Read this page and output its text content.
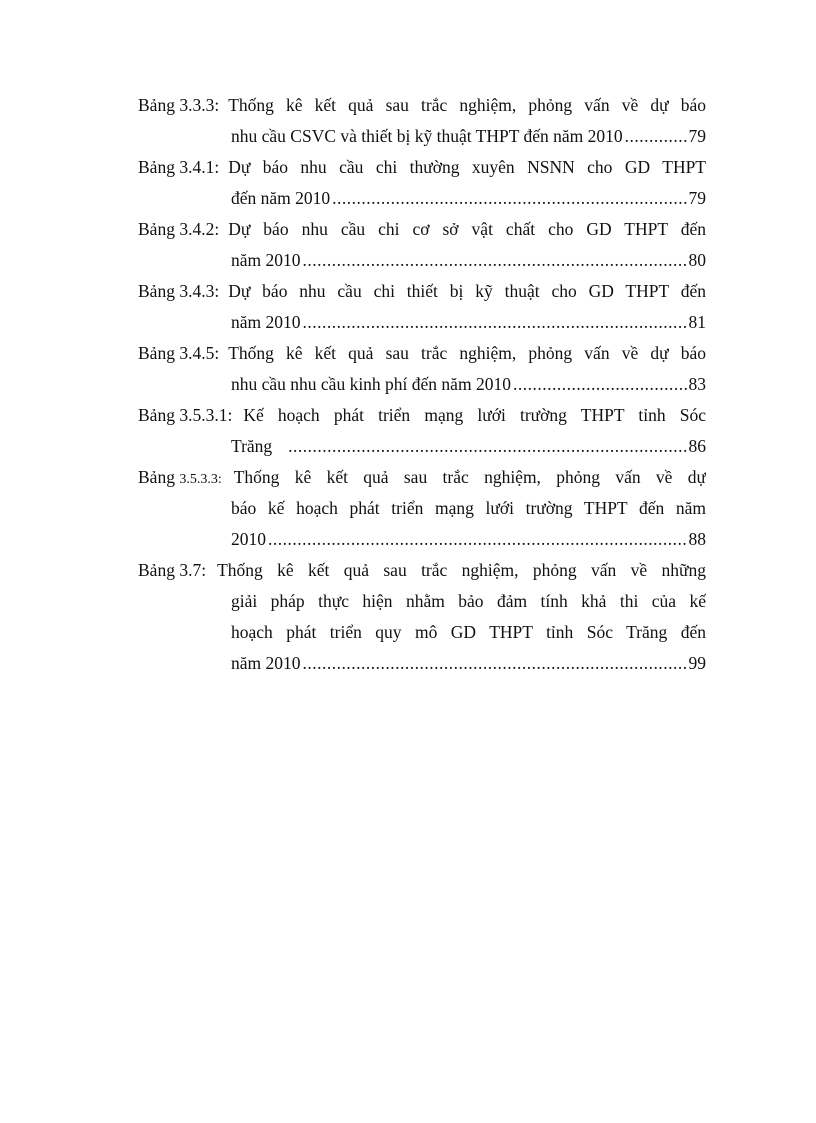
Bảng 3.3.3: Thống kê kết quả sau trắc nghiệm, phỏng vấn về dự báo
nhu cầu CSVC và thiết bị kỹ thuật THPT đến năm 2010 .....	79
Bảng 3.4.1: Dự báo nhu cầu chi thường xuyên NSNN cho GD THPT
đến năm 2010 .....	79
Bảng 3.4.2: Dự báo nhu cầu chi cơ sở vật chất cho GD THPT đến
năm 2010 .....	80
Bảng 3.4.3: Dự báo nhu cầu chi thiết bị kỹ thuật cho GD THPT đến
năm 2010 .....	81
Bảng 3.4.5: Thống kê kết quả sau trắc nghiệm, phỏng vấn về dự báo
nhu cầu nhu cầu kinh phí đến năm 2010 .....	83
Bảng 3.5.3.1: Kế hoạch phát triển mạng lưới trường THPT tỉnh Sóc
Trăng .....	86
Bảng 3.5.3.3: Thống kê kết quả sau trắc nghiệm, phỏng vấn về dự
báo kế hoạch phát triển mạng lưới trường THPT đến năm
2010 .....	88
Bảng 3.7: Thống kê kết quả sau trắc nghiệm, phỏng vấn về những
giải pháp thực hiện nhằm bảo đảm tính khả thi của kế
hoạch phát triển quy mô GD THPT tỉnh Sóc Trăng đến
năm 2010 .....	99
